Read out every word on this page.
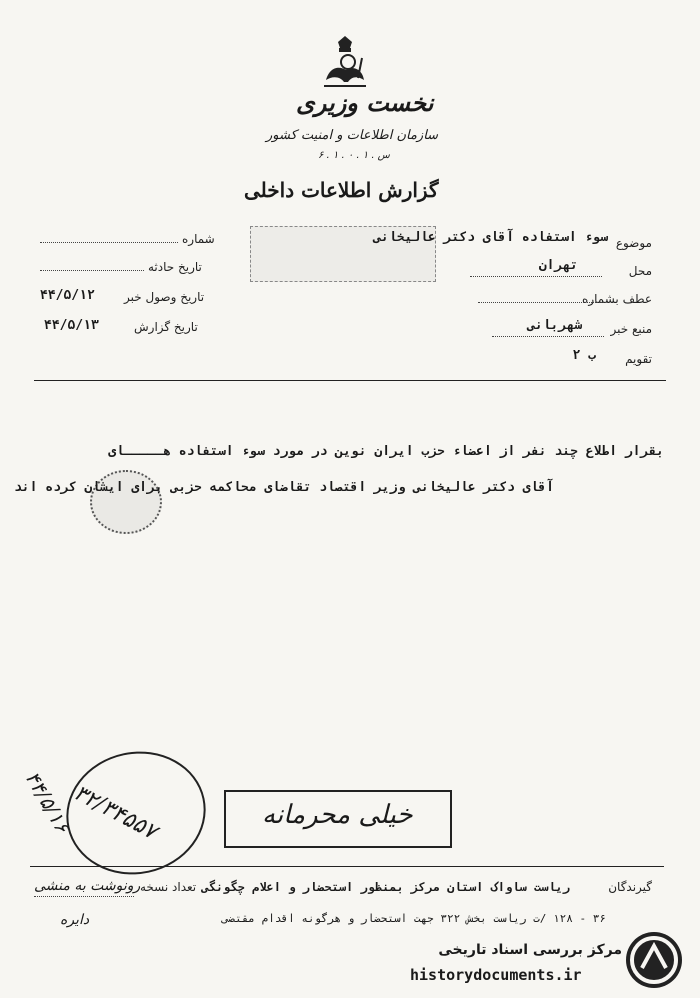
نخست وزیری
سازمان اطلاعات و امنیت کشور
س . ۱ . ۰ . ۱ . ۶
گزارش اطلاعات داخلی
موضوع
سوء استفاده آقای دکتر عالیخانی
محل
تهران
عطف بشماره
منبع خبر
شهربانی
تقویم
ب ۲
شماره
تاریخ حادثه
تاریخ وصول خبر
۴۴/۵/۱۲
تاریخ گزارش
۴۴/۵/۱۳
بقرار اطلاع چند نفر از اعضاء حزب ایران نوین در مورد سوء استفاده هـــــای
آقای دکتر عالیخانی وزیر اقتصاد تقاضای محاکمه حزبی برای ایشان کرده اند
۳۲/۳۴۵۵۷
۴۴/۵/۱۶	خیلی محرمانه
گیرندگان
ریاست ساواک استان مرکز بمنظور استحضار و اعلام چگونگی
تعداد نسخه
رونوشت به منشی
۳۶ - ۱۲۸ /ت ریاست بخش ۳۲۲ جهت استحضار و هرگونه اقدام مقتضی
دایره
مرکز بررسی اسناد تاریخی
historydocuments.ir
